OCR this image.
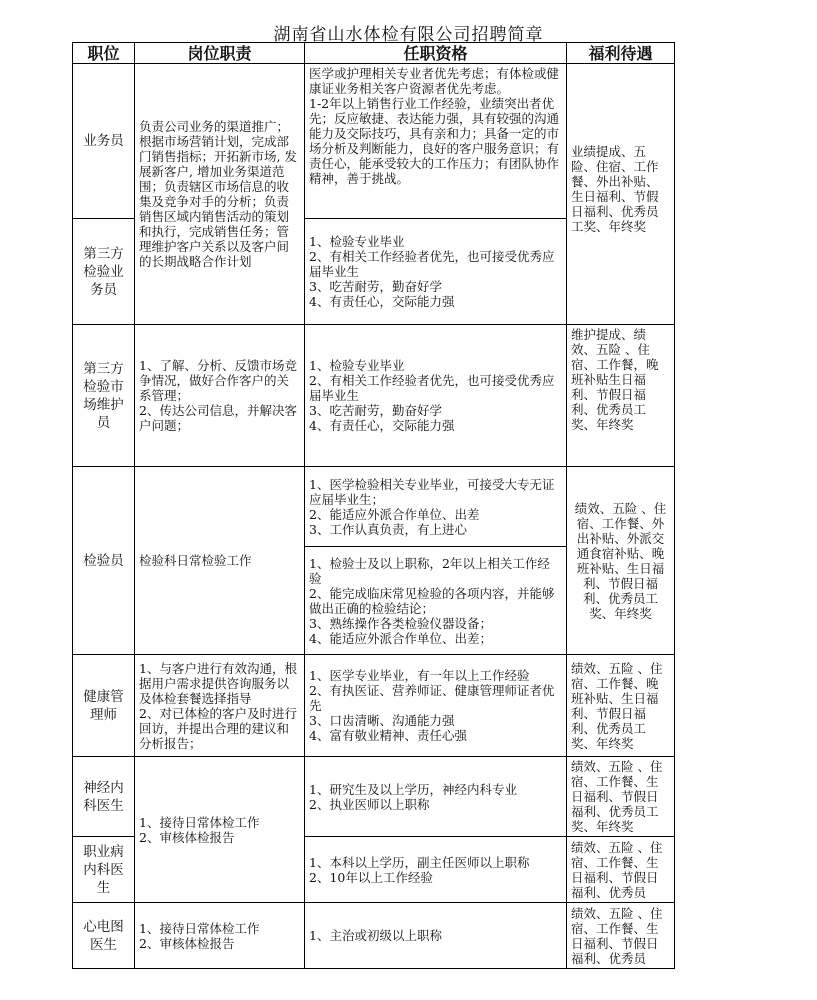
湖南省山水体检有限公司招聘简章
职位	岗位职责	任职资格	福利待遇
业务员	负责公司业务的渠道推广；根据市场营销计划，完成部门销售指标；开拓新市场, 发展新客户, 增加业务渠道范围；负责辖区市场信息的收集及竞争对手的分析；负责销售区域内销售活动的策划和执行，完成销售任务；管理维护客户关系以及客户间的长期战略合作计划	医学或护理相关专业者优先考虑；有体检或健康证业务相关客户资源者优先考虑。
1-2年以上销售行业工作经验，业绩突出者优先；反应敏捷、表达能力强，具有较强的沟通能力及交际技巧，具有亲和力；具备一定的市场分析及判断能力，良好的客户服务意识；有责任心，能承受较大的工作压力；有团队协作精神，善于挑战。	业绩提成、五险、住宿、工作餐、外出补贴、生日福利、节假日福利、优秀员工奖、年终奖
第三方检验业务员		1、检验专业毕业
2、有相关工作经验者优先，也可接受优秀应届毕业生
3、吃苦耐劳，勤奋好学
4、有责任心，交际能力强	
第三方检验市场维护员	1、了解、分析、反馈市场竞争情况，做好合作客户的关系管理；
2、传达公司信息，并解决客户问题；	1、检验专业毕业
2、有相关工作经验者优先，也可接受优秀应届毕业生
3、吃苦耐劳，勤奋好学
4、有责任心，交际能力强	维护提成、绩效、五险 、住宿、工作餐，晚班补贴生日福利、节假日福利、优秀员工奖、年终奖
检验员	检验科日常检验工作	1、医学检验相关专业毕业，可接受大专无证应届毕业生；
2、能适应外派合作单位、出差
3、工作认真负责，有上进心	绩效、五险 、住宿、工作餐、外出补贴、外派交通食宿补贴、晚班补贴、生日福利、节假日福利、优秀员工奖、年终奖
		1、检验士及以上职称，2年以上相关工作经验
2、能完成临床常见检验的各项内容，并能够做出正确的检验结论；
3、熟练操作各类检验仪器设备；
4、能适应外派合作单位、出差；	
健康管理师	1、与客户进行有效沟通，根据用户需求提供咨询服务以及体检套餐选择指导
2、对已体检的客户及时进行回访，并提出合理的建议和分析报告；	1、医学专业毕业，有一年以上工作经验
2、有执医证、营养师证、健康管理师证者优先
3、口齿清晰、沟通能力强
4、富有敬业精神、责任心强	绩效、五险 、住宿、工作餐、晚班补贴、生日福利、节假日福利、优秀员工奖、年终奖
神经内科医生	1、接待日常体检工作
2、审核体检报告	1、研究生及以上学历，神经内科专业
2、执业医师以上职称	绩效、五险 、住宿、工作餐、生日福利、节假日福利、优秀员工奖、年终奖
职业病内科医生		1、本科以上学历，副主任医师以上职称
2、10年以上工作经验	绩效、五险 、住宿、工作餐、生日福利、节假日福利、优秀员
心电图医生	1、接待日常体检工作
2、审核体检报告	1、主治或初级以上职称	绩效、五险 、住宿、工作餐、生日福利、节假日福利、优秀员
